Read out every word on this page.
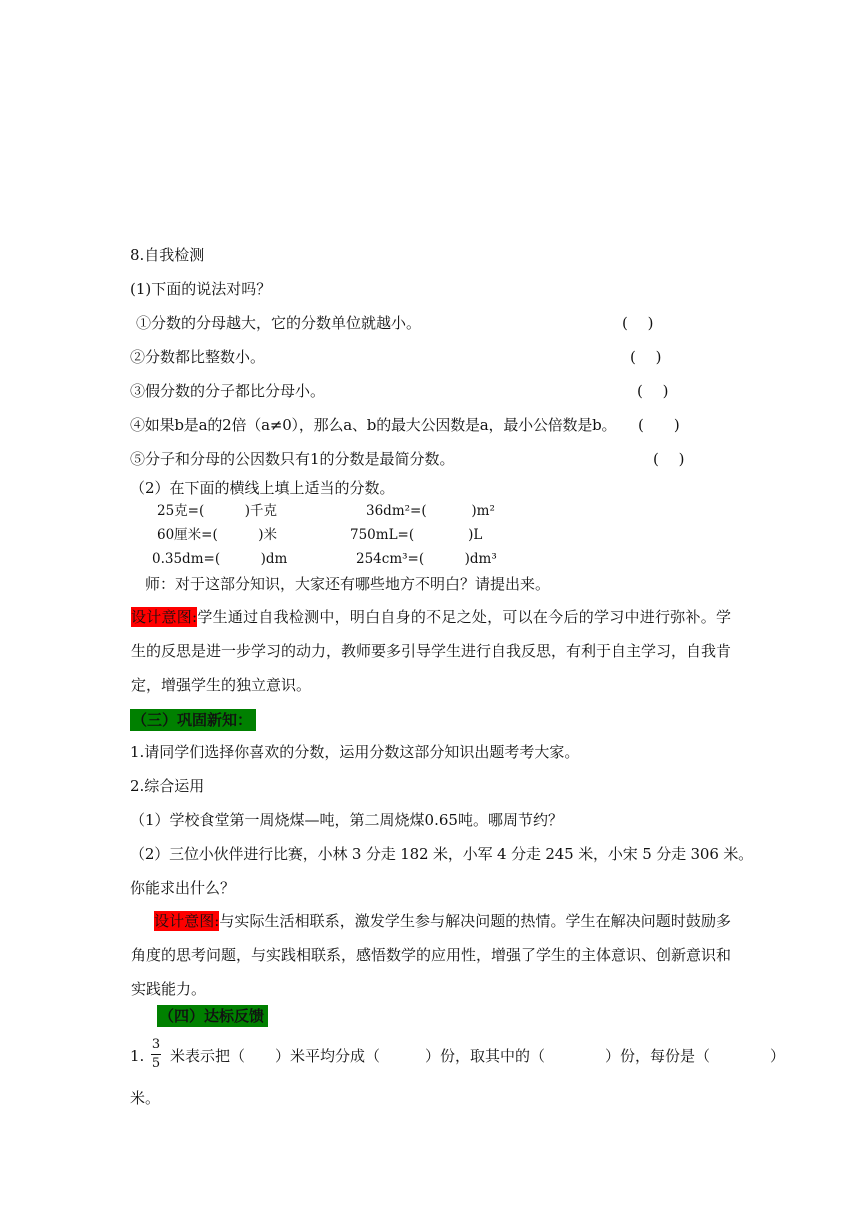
8.自我检测
(1)下面的说法对吗？
①分数的分母越大，它的分数单位就越小。	(　 )
②分数都比整数小。	(　 )
③假分数的分子都比分母小。	(　 )
④如果b是a的2倍（a≠0），那么a、b的最大公因数是a，最小公倍数是b。 (　　)
⑤分子和分母的公因数只有1的分数是最简分数。	(　 )
（2）在下面的横线上填上适当的分数。
25克=(　　　)千克	36dm²=(　　　 )m²
60厘米=(　　　)米	750mL=(　　　　)L
0.35dm=(　　　)dm	254cm³=(　　　)dm³
师：对于这部分知识，大家还有哪些地方不明白？请提出来。
设计意图:学生通过自我检测中，明白自身的不足之处，可以在今后的学习中进行弥补。学生的反思是进一步学习的动力，教师要多引导学生进行自我反思，有利于自主学习，自我肯定，增强学生的独立意识。
（三）巩固新知：
1.请同学们选择你喜欢的分数，运用分数这部分知识出题考考大家。
2.综合运用
（1）学校食堂第一周烧煤—吨，第二周烧煤0.65吨。哪周节约？
（2）三位小伙伴进行比赛，小林 3 分走 182 米，小军 4 分走 245 米，小宋 5 分走 306 米。
你能求出什么？
设计意图:与实际生活相联系，激发学生参与解决问题的热情。学生在解决问题时鼓励多角度的思考问题，与实践相联系，感悟数学的应用性，增强了学生的主体意识、创新意识和实践能力。
（四）达标反馈
1.
3
5 米表示把（　　）米平均分成（　　　）份，取其中的（　　　　）份，每份是（　　　　）
米。
